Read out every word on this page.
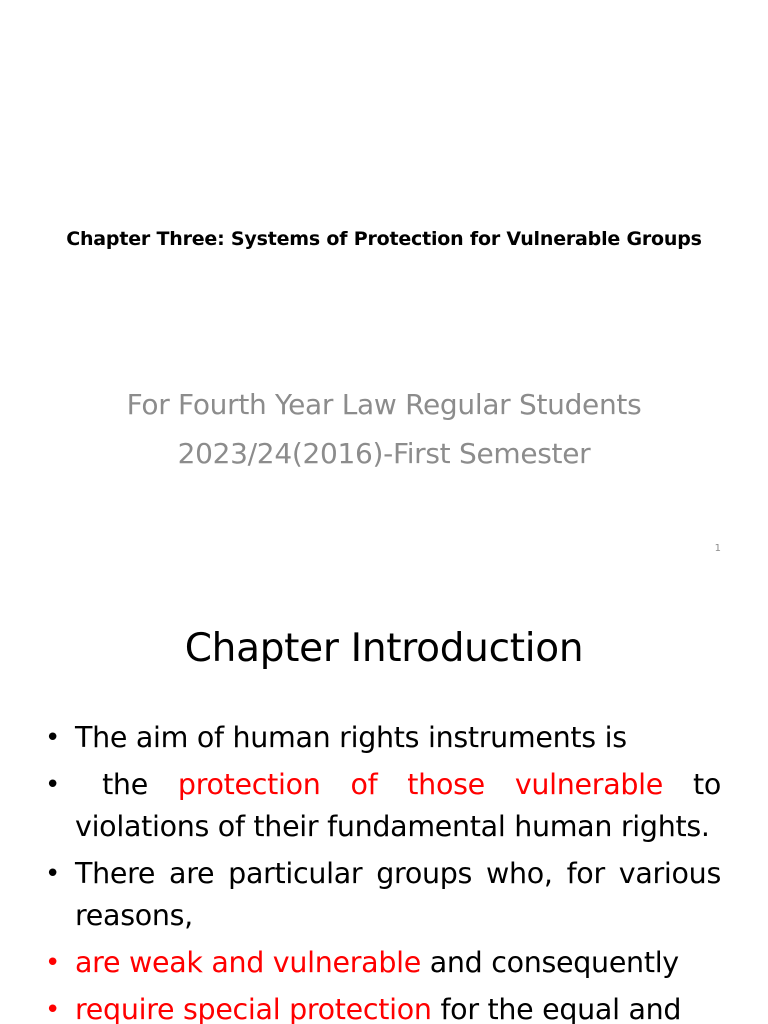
Chapter Three: Systems of Protection for Vulnerable Groups
For Fourth Year Law Regular Students
2023/24(2016)-First Semester
1
Chapter Introduction
• The aim of human rights instruments is
• the protection of those vulnerable to violations of their fundamental human rights.
• There are particular groups who, for various reasons,
• are weak and vulnerable and consequently
• require special protection for the equal and
